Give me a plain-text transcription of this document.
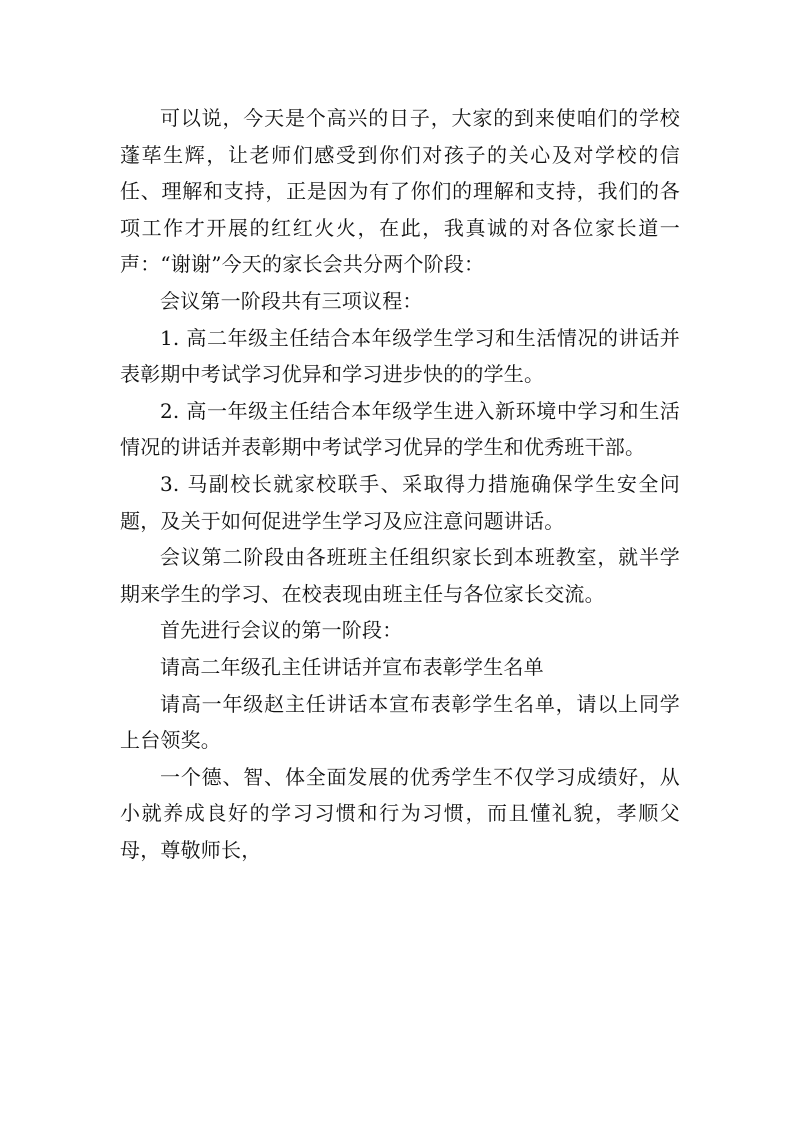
可以说，今天是个高兴的日子，大家的到来使咱们的学校蓬荜生辉，让老师们感受到你们对孩子的关心及对学校的信任、理解和支持，正是因为有了你们的理解和支持，我们的各项工作才开展的红红火火，在此，我真诚的对各位家长道一声：“谢谢”今天的家长会共分两个阶段：

会议第一阶段共有三项议程：

1. 高二年级主任结合本年级学生学习和生活情况的讲话并表彰期中考试学习优异和学习进步快的的学生。

2. 高一年级主任结合本年级学生进入新环境中学习和生活情况的讲话并表彰期中考试学习优异的学生和优秀班干部。

3. 马副校长就家校联手、采取得力措施确保学生安全问题，及关于如何促进学生学习及应注意问题讲话。

会议第二阶段由各班班主任组织家长到本班教室，就半学期来学生的学习、在校表现由班主任与各位家长交流。

首先进行会议的第一阶段：

请高二年级孔主任讲话并宣布表彰学生名单

请高一年级赵主任讲话本宣布表彰学生名单，请以上同学上台领奖。

一个德、智、体全面发展的优秀学生不仅学习成绩好，从小就养成良好的学习习惯和行为习惯，而且懂礼貌，孝顺父母，尊敬师长，
